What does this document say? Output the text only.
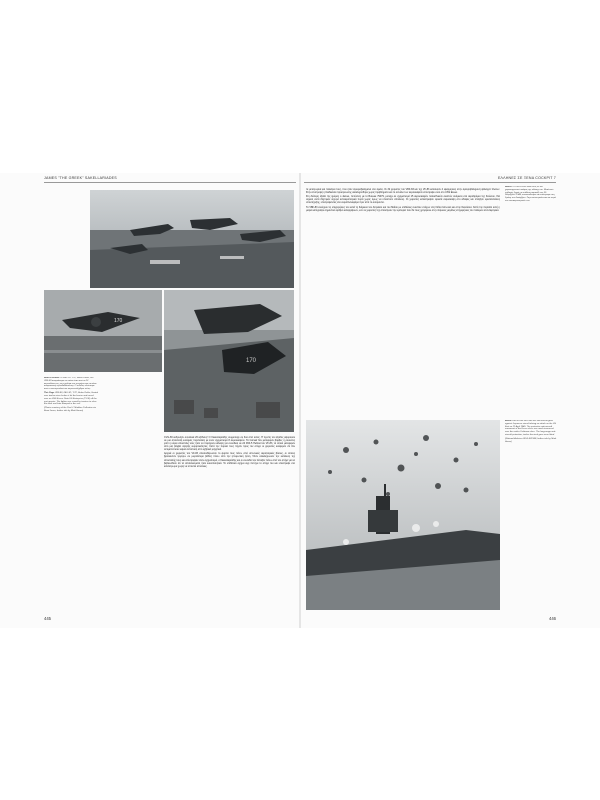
JAMES "THE GREEK" SAKELLARIADES	ΕΛΛΗΝΕΣ ΣΕ ΞΕΝΑ COCKPIT 7
170
170

Aund a Soldier To F4U-1D '170', Burke Doble, του VBF-83 αναγκάστηκε να πέσει έναν από τα 12 αεροπλάνα του, με τη φλόγα στο κινητήριο και να κάνει αναγκαστική προσθαλάσσωση. Ο πιλότος ελκύστηκε από το αντιτορπιλικό και περισυνελέχθηκε σώος.

This Page VBF-83, F4U-1D, '170', Burke Doble, floated over twelve wires before it hit the barrier and nosed over on USS Essex. Note US Enterprise (CV-6) off the port quarter. The fighter was saved by tractors to clear the deck and later dumped in the sea.

(Photos courtesy of the Paul J. Madden Collection via Brent Jones; further info by Mark Horan)

CVG-83 κέδρωξαν συνολικά 26 εξόδους! Ο Σακελλαριάδης συμμετείχε σε δύο από αυτές. Η πρώτη του έξοδος αφορούσε σε μια αποστολή εναέριας περιπολίας με έναν σχηματισμό 8 αεροσκαφών. Τα Corsair δεν μετέφεραν βόμβες ή ρουκέτες γιατί η κύρια αποστολή τους ήταν να παρέχουν κάλυψη για συνοδεία σε 24 F6F-5 Hellcat του VF-83, τα οποία μετέφεραν από μία βόμβα υψηλής εκρηκτικότητας. Κατά την πορεία τους πήγαν προς τον στόχο οι χειριστές ανέφεραν ότι δεν αντιμετώπισαν καμία αντίσταση από εχθρικά μαχητικά.

Αρχικά οι χειριστές του VF-83 απελευθέρωσαν το φορτίο τους πάνω από ιαπωνικές αεροπορικές βάσεις, οι οποίες βρίσκονταν τριγύρω σε μεγαλύτερο βάθος πάνω από την ηπειρωτική ζώνη. Όταν ολοκλήρωσαν την εκτέλεση της αποστολής τους και επέστρεψαν στον σχηματισμό, ο Σακελλαριάδης και οι συνοδοί του πέταξαν πάνω από τον στόχο για να βεβαιωθούν ότι τα αποτελέσματα ήταν ικανοποιητικά. Το επιθετικό σχήμα είχε πετύχει το στόχο του και επέστρεψε στο κατάστρωμα χωρίς να υποστεί απώλειες.

445

τα μεταγωγικά και πλοιάρια τους, που ήταν αγκυροβολημένα στο λιμάνι. Οι 32 χειριστές του VBF-83 και της VF-83 εκτέλεσαν 4 εφόρμησεις στην αγκυροβολημένη φάλαγγα πλοίων. Στην επιστροφή η διαδικασία προσγείωσης ολοκληρώθηκε χωρίς προβλήματα και το σύνολο των αεροσκαφών επέστρεψε σώο στο USS Essex.

Στη δεύτερη έξοδο της ημέρας ο James, πετώντας με το Bureau 79479, μετείχε σε σχηματισμό 15 αεροσκαφών πολυεθνικών σκοπών ανάμεσα στα αεροδρόμια της Κιούσου. Στα σημεία αυτά δέχτηκαν ισχυρά αντιαεροπορικά πυρά χωρίς όμως να υποστούν απώλειες. Οι χειριστές κατέστρεψαν αρκετά αεροσκάφη στο έδαφος και έπληξαν εγκαταστάσεις υποστήριξης, επιστρέφοντας στο αεροπλανοφόρο πριν από το σούρουπο.

Το VBF-83 συνέχισε τις επιχειρήσεις του κατά τη διάρκεια του Απριλίου και του Μαΐου με επιθέσεις εναντίον στόχων στη Νότια Ιαπωνία και στην Οκινάουα. Κατά την περίοδο αυτή η μοίρα κατέγραψε σημαντικό αριθμό καταρρίψεων, ενώ οι χειριστές της απέκτησαν την εμπειρία που θα τους χρησίμευε στις επόμενες μεγάλες επιχειρήσεις του πολέμου στον Ειρηνικό.

Above To USS Essex είναι ίσως το πιο χαρακτηριστικό σκάφος της κλάσης του. Μετά από σοβαρές ζημιές σε επίθεση καμικάζι στις 25 Νοεμβρίου 1944, επισκευάστηκε και επέστρεψε στη δράση τον Δεκέμβριο. Στην εικόνα φαίνονται τα πυρά των αντιαεροπορικών του.

Below USS Essex fires with her anti-aircraft guns against Japanese aircraft during an attack on the US fleet on 11 April 1945. The protective anti-aircraft armament of the Essex class was much increased over the earlier Yorktown class. The long-range anti-aircraft protection, twelve five-inch guns were fitted.

(National Archives 80-G-321958; further info by Mark Horan)

446
